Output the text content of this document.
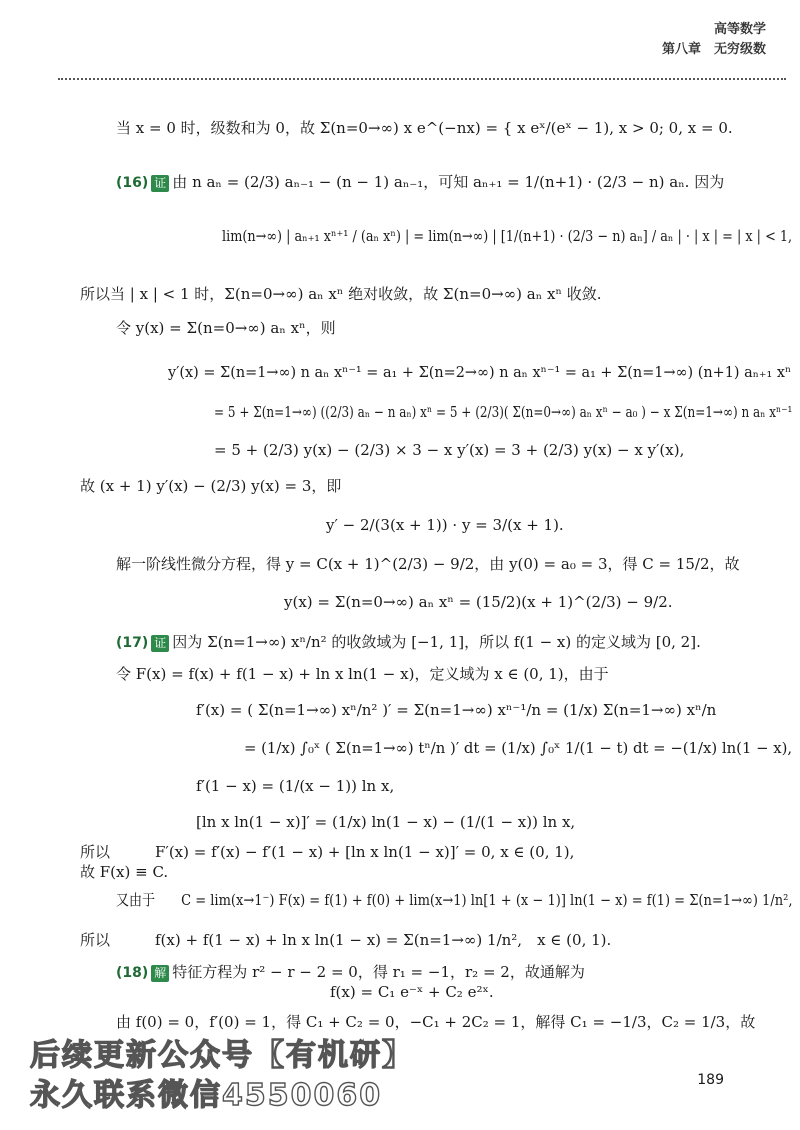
高等数学
第八章　无穷级数
当 x = 0 时，级数和为 0，故 Σ(n=0→∞) x e^(−nx) = { x eˣ/(eˣ − 1), x > 0; 0, x = 0.
(16) 证 由 n aₙ = (2/3) aₙ₋₁ − (n − 1) aₙ₋₁，可知 aₙ₊₁ = 1/(n+1) · (2/3 − n) aₙ. 因为
lim(n→∞) | aₙ₊₁ xⁿ⁺¹ / (aₙ xⁿ) | = lim(n→∞) | [1/(n+1) · (2/3 − n) aₙ] / aₙ | · | x | = | x | < 1,
所以当 | x | < 1 时，Σ(n=0→∞) aₙ xⁿ 绝对收敛，故 Σ(n=0→∞) aₙ xⁿ 收敛.
令 y(x) = Σ(n=0→∞) aₙ xⁿ，则
y′(x) = Σ(n=1→∞) n aₙ xⁿ⁻¹ = a₁ + Σ(n=2→∞) n aₙ xⁿ⁻¹ = a₁ + Σ(n=1→∞) (n+1) aₙ₊₁ xⁿ
= 5 + Σ(n=1→∞) ((2/3) aₙ − n aₙ) xⁿ = 5 + (2/3)( Σ(n=0→∞) aₙ xⁿ − a₀ ) − x Σ(n=1→∞) n aₙ xⁿ⁻¹
= 5 + (2/3) y(x) − (2/3) × 3 − x y′(x) = 3 + (2/3) y(x) − x y′(x),
故 (x + 1) y′(x) − (2/3) y(x) = 3，即
y′ − 2/(3(x + 1)) · y = 3/(x + 1).
解一阶线性微分方程，得 y = C(x + 1)^(2/3) − 9/2，由 y(0) = a₀ = 3，得 C = 15/2，故
y(x) = Σ(n=0→∞) aₙ xⁿ = (15/2)(x + 1)^(2/3) − 9/2.
(17) 证 因为 Σ(n=1→∞) xⁿ/n² 的收敛域为 [−1, 1]，所以 f(1 − x) 的定义域为 [0, 2].
令 F(x) = f(x) + f(1 − x) + ln x ln(1 − x)，定义域为 x ∈ (0, 1)，由于
f′(x) = ( Σ(n=1→∞) xⁿ/n² )′ = Σ(n=1→∞) xⁿ⁻¹/n = (1/x) Σ(n=1→∞) xⁿ/n
= (1/x) ∫₀ˣ ( Σ(n=1→∞) tⁿ/n )′ dt = (1/x) ∫₀ˣ 1/(1 − t) dt = −(1/x) ln(1 − x),
f′(1 − x) = (1/(x − 1)) ln x,
[ln x ln(1 − x)]′ = (1/x) ln(1 − x) − (1/(1 − x)) ln x,
所以　　　F′(x) = f′(x) − f′(1 − x) + [ln x ln(1 − x)]′ = 0, x ∈ (0, 1),
故 F(x) ≡ C.
又由于　　C = lim(x→1⁻) F(x) = f(1) + f(0) + lim(x→1) ln[1 + (x − 1)] ln(1 − x) = f(1) = Σ(n=1→∞) 1/n²,
所以　　　f(x) + f(1 − x) + ln x ln(1 − x) = Σ(n=1→∞) 1/n²,　x ∈ (0, 1).
(18) 解 特征方程为 r² − r − 2 = 0，得 r₁ = −1，r₂ = 2，故通解为
f(x) = C₁ e⁻ˣ + C₂ e²ˣ.
由 f(0) = 0，f′(0) = 1，得 C₁ + C₂ = 0，−C₁ + 2C₂ = 1，解得 C₁ = −1/3，C₂ = 1/3，故
后续更新公众号【有机研】
永久联系微信4550060	189
